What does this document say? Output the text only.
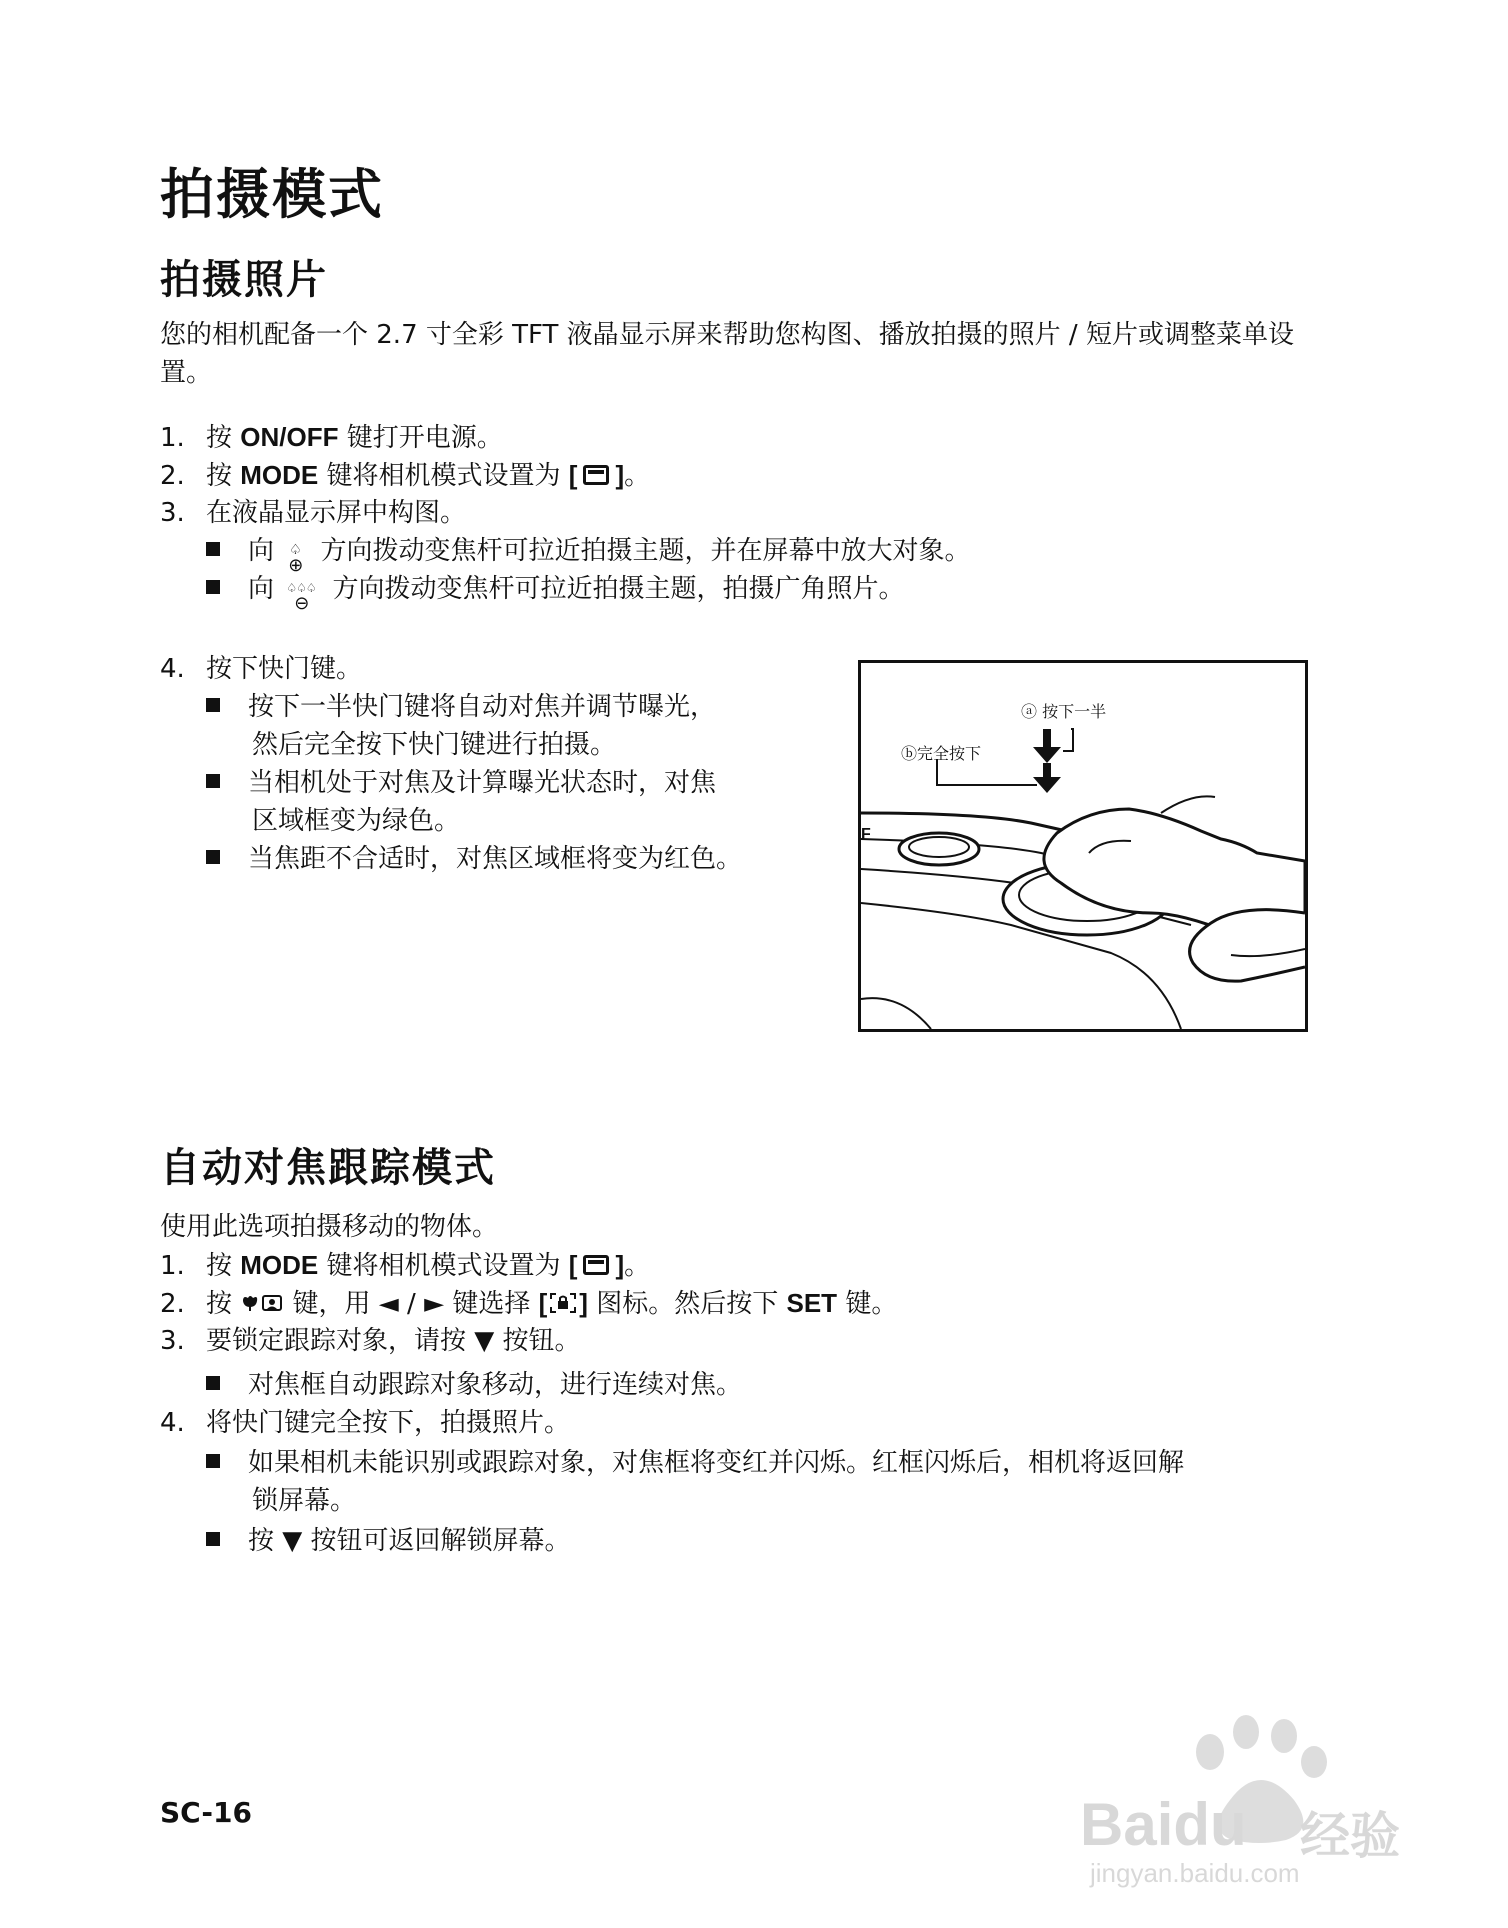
拍摄模式
拍摄照片

您的相机配备一个 2.7 寸全彩 TFT 液晶显示屏来帮助您构图、播放拍摄的照片 / 短片或调整菜单设置。

1. 按 ON/OFF 键打开电源。
2. 按 MODE 键将相机模式设置为 [ ]。
3. 在液晶显示屏中构图。
向 ♤
⊕ 方向拨动变焦杆可拉近拍摄主题，并在屏幕中放大对象。
向 ♤♤♤
⊖ 方向拨动变焦杆可拉近拍摄主题，拍摄广角照片。
4. 按下快门键。
按下一半快门键将自动对焦并调节曝光，
然后完全按下快门键进行拍摄。
当相机处于对焦及计算曝光状态时，对焦
区域框变为绿色。
当焦距不合适时，对焦区域框将变为红色。
F
ⓐ 按下一半
ⓑ完全按下
自动对焦跟踪模式

使用此选项拍摄移动的物体。

1. 按 MODE 键将相机模式设置为 [ ]。
2. 按  键，用 ◄ / ► 键选择 [ ] 图标。然后按下 SET 键。
3. 要锁定跟踪对象，请按 ▼ 按钮。
对焦框自动跟踪对象移动，进行连续对焦。
4. 将快门键完全按下，拍摄照片。
如果相机未能识别或跟踪对象，对焦框将变红并闪烁。红框闪烁后，相机将返回解
锁屏幕。
按 ▼ 按钮可返回解锁屏幕。
SC-16	Baidu 经验
jingyan.baidu.com
